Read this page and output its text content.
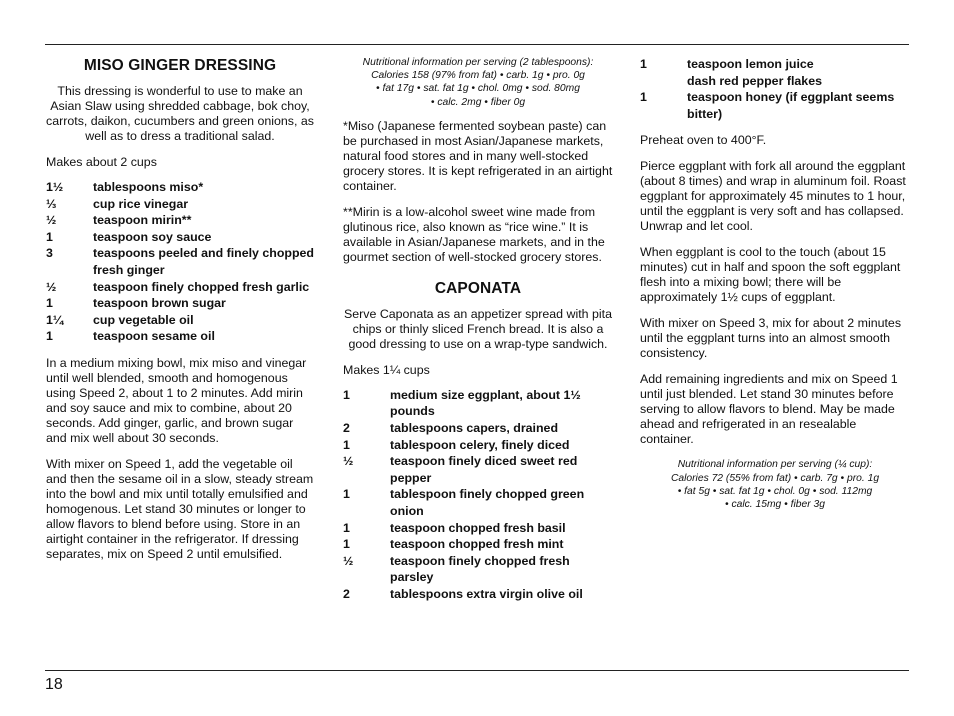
MISO GINGER DRESSING
This dressing is wonderful to use to make an Asian Slaw using shredded cabbage, bok choy, carrots, daikon, cucumbers and green onions, as well as to dress a traditional salad.
Makes about 2 cups
1½	tablespoons miso*
⅓	cup rice vinegar
½	teaspoon mirin**
1	teaspoon soy sauce
3	teaspoons peeled and finely chopped fresh ginger
½	teaspoon finely chopped fresh garlic
1	teaspoon brown sugar
1¼	cup vegetable oil
1	teaspoon sesame oil

In a medium mixing bowl, mix miso and vinegar until well blended, smooth and homogenous using Speed 2, about 1 to 2 minutes. Add mirin and soy sauce and mix to combine, about 20 seconds. Add ginger, garlic, and brown sugar and mix well about 30 seconds.

With mixer on Speed 1, add the vegetable oil and then the sesame oil in a slow, steady stream into the bowl and mix until totally emulsified and homogenous. Let stand 30 minutes or longer to allow flavors to blend before using. Store in an airtight container in the refrigerator. If dressing separates, mix on Speed 2 until emulsified.

Nutritional information per serving (2 tablespoons):
Calories 158 (97% from fat) • carb. 1g • pro. 0g
• fat 17g • sat. fat 1g • chol. 0mg • sod. 80mg
• calc. 2mg • fiber 0g

*Miso (Japanese fermented soybean paste) can be purchased in most Asian/Japanese markets, natural food stores and in many well-stocked grocery stores. It is kept refrigerated in an airtight container.

**Mirin is a low-alcohol sweet wine made from glutinous rice, also known as “rice wine.” It is available in Asian/Japanese markets, and in the gourmet section of well-stocked grocery stores.

CAPONATA
Serve Caponata as an appetizer spread with pita chips or thinly sliced French bread. It is also a good dressing to use on a wrap-type sandwich.
Makes 1¼ cups
1	medium size eggplant, about 1½ pounds
2	tablespoons capers, drained
1	tablespoon celery, finely diced
½	teaspoon finely diced sweet red pepper
1	tablespoon finely chopped green onion
1	teaspoon chopped fresh basil
1	teaspoon chopped fresh mint
½	teaspoon finely chopped fresh parsley
2	tablespoons extra virgin olive oil
1	teaspoon lemon juice
dash red pepper flakes
1	teaspoon honey (if eggplant seems bitter)

Preheat oven to 400°F.

Pierce eggplant with fork all around the eggplant (about 8 times) and wrap in aluminum foil. Roast eggplant for approximately 45 minutes to 1 hour, until the eggplant is very soft and has collapsed. Unwrap and let cool.

When eggplant is cool to the touch (about 15 minutes) cut in half and spoon the soft eggplant flesh into a mixing bowl; there will be approximately 1½ cups of eggplant.

With mixer on Speed 3, mix for about 2 minutes until the eggplant turns into an almost smooth consistency.

Add remaining ingredients and mix on Speed 1 until just blended. Let stand 30 minutes before serving to allow flavors to blend. May be made ahead and refrigerated in an resealable container.

Nutritional information per serving (¼ cup):
Calories 72 (55% from fat) • carb. 7g • pro. 1g
• fat 5g • sat. fat 1g • chol. 0g • sod. 112mg
• calc. 15mg • fiber 3g
18
